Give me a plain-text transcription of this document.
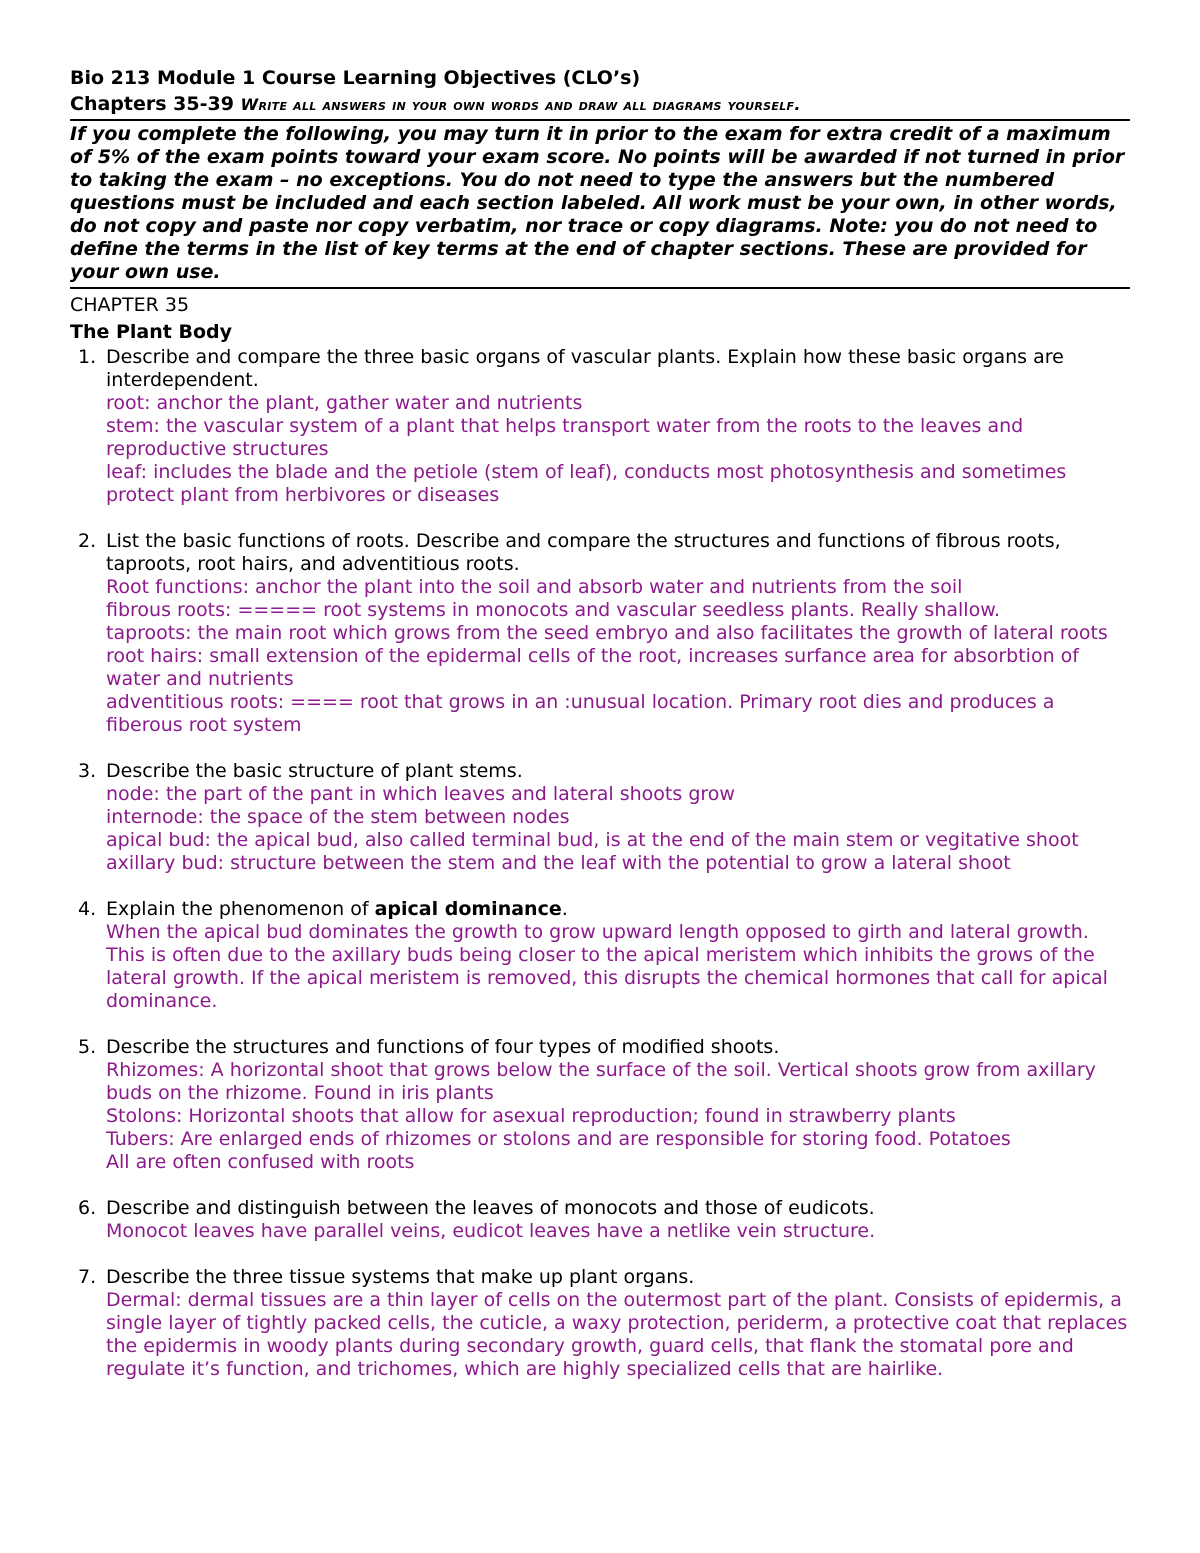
Bio 213 Module 1 Course Learning Objectives (CLO’s)
Chapters 35-39 Write all answers in your own words and draw all diagrams yourself.
If you complete the following, you may turn it in prior to the exam for extra credit of a maximum of 5% of the exam points toward your exam score. No points will be awarded if not turned in prior to taking the exam – no exceptions. You do not need to type the answers but the numbered questions must be included and each section labeled. All work must be your own, in other words, do not copy and paste nor copy verbatim, nor trace or copy diagrams. Note: you do not need to define the terms in the list of key terms at the end of chapter sections. These are provided for your own use.
CHAPTER 35
The Plant Body
1. Describe and compare the three basic organs of vascular plants. Explain how these basic organs are interdependent.
root: anchor the plant, gather water and nutrients
stem: the vascular system of a plant that helps transport water from the roots to the leaves and reproductive structures
leaf: includes the blade and the petiole (stem of leaf), conducts most photosynthesis and sometimes protect plant from herbivores or diseases
2. List the basic functions of roots. Describe and compare the structures and functions of fibrous roots, taproots, root hairs, and adventitious roots.
Root functions: anchor the plant into the soil and absorb water and nutrients from the soil
fibrous roots: ===== root systems in monocots and vascular seedless plants. Really shallow.
taproots: the main root which grows from the seed embryo and also facilitates the growth of lateral roots
root hairs: small extension of the epidermal cells of the root, increases surfance area for absorbtion of water and nutrients
adventitious roots: ==== root that grows in an :unusual location. Primary root dies and produces a fiberous root system
3. Describe the basic structure of plant stems.
node: the part of the pant in which leaves and lateral shoots grow
internode: the space of the stem between nodes
apical bud: the apical bud, also called terminal bud, is at the end of the main stem or vegitative shoot
axillary bud: structure between the stem and the leaf with the potential to grow a lateral shoot
4. Explain the phenomenon of apical dominance.
When the apical bud dominates the growth to grow upward length opposed to girth and lateral growth. This is often due to the axillary buds being closer to the apical meristem which inhibits the grows of the lateral growth. If the apical meristem is removed, this disrupts the chemical hormones that call for apical dominance.
5. Describe the structures and functions of four types of modified shoots.
Rhizomes: A horizontal shoot that grows below the surface of the soil. Vertical shoots grow from axillary buds on the rhizome. Found in iris plants
Stolons: Horizontal shoots that allow for asexual reproduction; found in strawberry plants
Tubers: Are enlarged ends of rhizomes or stolons and are responsible for storing food. Potatoes
All are often confused with roots
6. Describe and distinguish between the leaves of monocots and those of eudicots.
Monocot leaves have parallel veins, eudicot leaves have a netlike vein structure.
7. Describe the three tissue systems that make up plant organs.
Dermal: dermal tissues are a thin layer of cells on the outermost part of the plant. Consists of epidermis, a single layer of tightly packed cells, the cuticle, a waxy protection, periderm, a protective coat that replaces the epidermis in woody plants during secondary growth, guard cells, that flank the stomatal pore and regulate it’s function, and trichomes, which are highly specialized cells that are hairlike.
